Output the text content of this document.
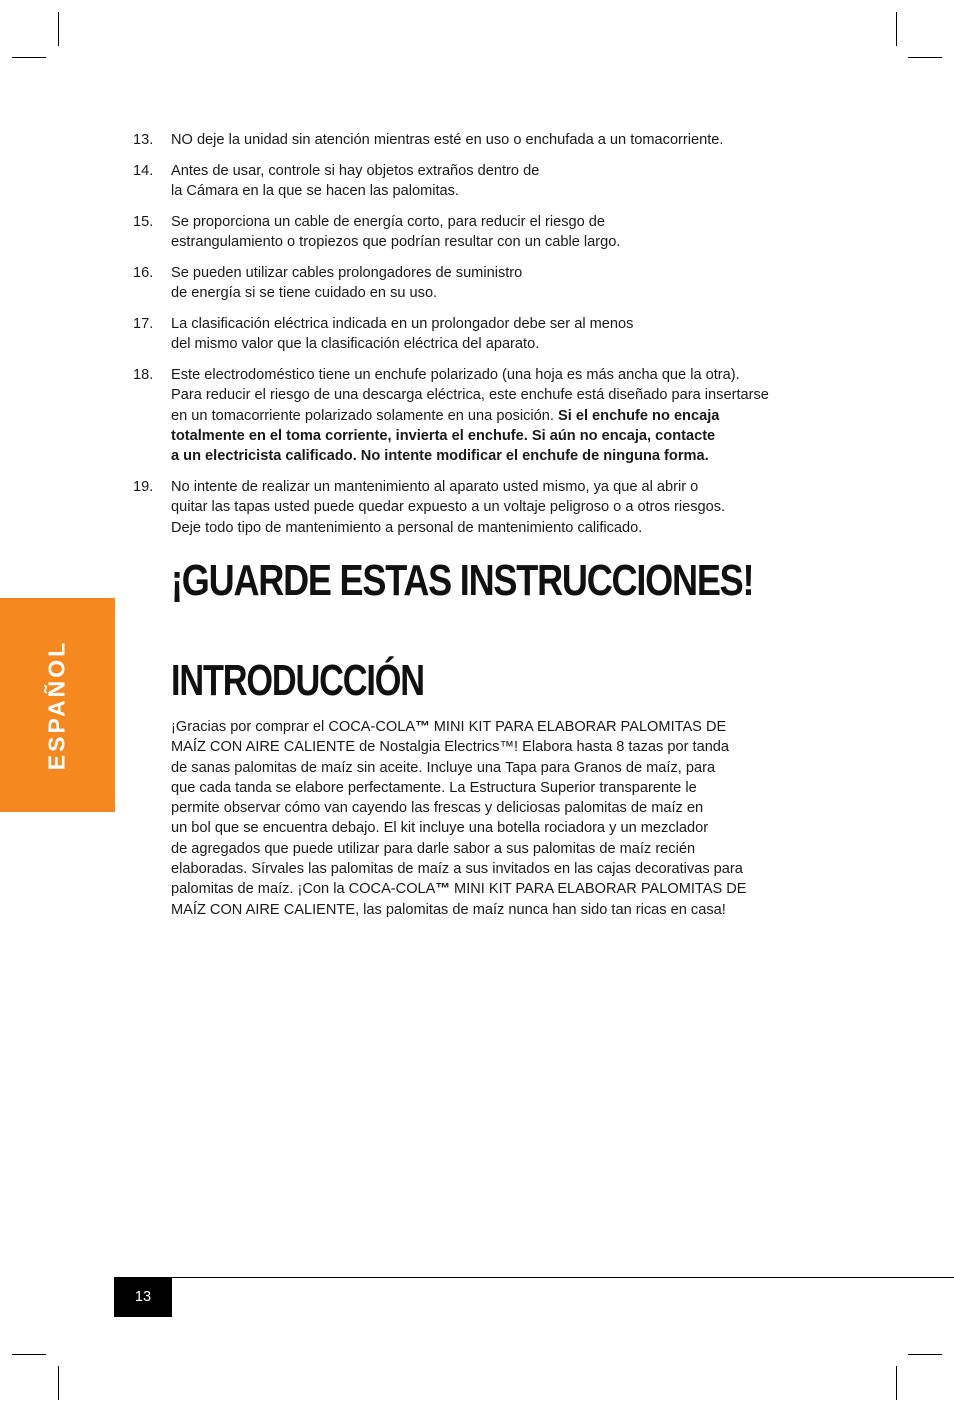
13.	NO deje la unidad sin atención mientras esté en uso o enchufada a un tomacorriente.
14.	Antes de usar, controle si hay objetos extraños dentro de
la Cámara en la que se hacen las palomitas.
15.	Se proporciona un cable de energía corto, para reducir el riesgo de
estrangulamiento o tropiezos que podrían resultar con un cable largo.
16.	Se pueden utilizar cables prolongadores de suministro
de energía si se tiene cuidado en su uso.
17.	La clasificación eléctrica indicada en un prolongador debe ser al menos
del mismo valor que la clasificación eléctrica del aparato.
18.	Este electrodoméstico tiene un enchufe polarizado (una hoja es más ancha que la otra).
Para reducir el riesgo de una descarga eléctrica, este enchufe está diseñado para insertarse
en un tomacorriente polarizado solamente en una posición. Si el enchufe no encaja
totalmente en el toma corriente, invierta el enchufe. Si aún no encaja, contacte
a un electricista calificado. No intente modificar el enchufe de ninguna forma.
19.	No intente de realizar un mantenimiento al aparato usted mismo, ya que al abrir o
quitar las tapas usted puede quedar expuesto a un voltaje peligroso o a otros riesgos.
Deje todo tipo de mantenimiento a personal de mantenimiento calificado.
¡GUARDE ESTAS INSTRUCCIONES!
INTRODUCCIÓN
¡Gracias por comprar el COCA-COLA™ MINI KIT PARA ELABORAR PALOMITAS DE
MAÍZ CON AIRE CALIENTE de Nostalgia Electrics™! Elabora hasta 8 tazas por tanda
de sanas palomitas de maíz sin aceite. Incluye una Tapa para Granos de maíz, para
que cada tanda se elabore perfectamente. La Estructura Superior transparente le
permite observar cómo van cayendo las frescas y deliciosas palomitas de maíz en
un bol que se encuentra debajo. El kit incluye una botella rociadora y un mezclador
de agregados que puede utilizar para darle sabor a sus palomitas de maíz recién
elaboradas. Sírvales las palomitas de maíz a sus invitados en las cajas decorativas para
palomitas de maíz. ¡Con la COCA-COLA™ MINI KIT PARA ELABORAR PALOMITAS DE
MAÍZ CON AIRE CALIENTE, las palomitas de maíz nunca han sido tan ricas en casa!
ESPAÑOL
13
